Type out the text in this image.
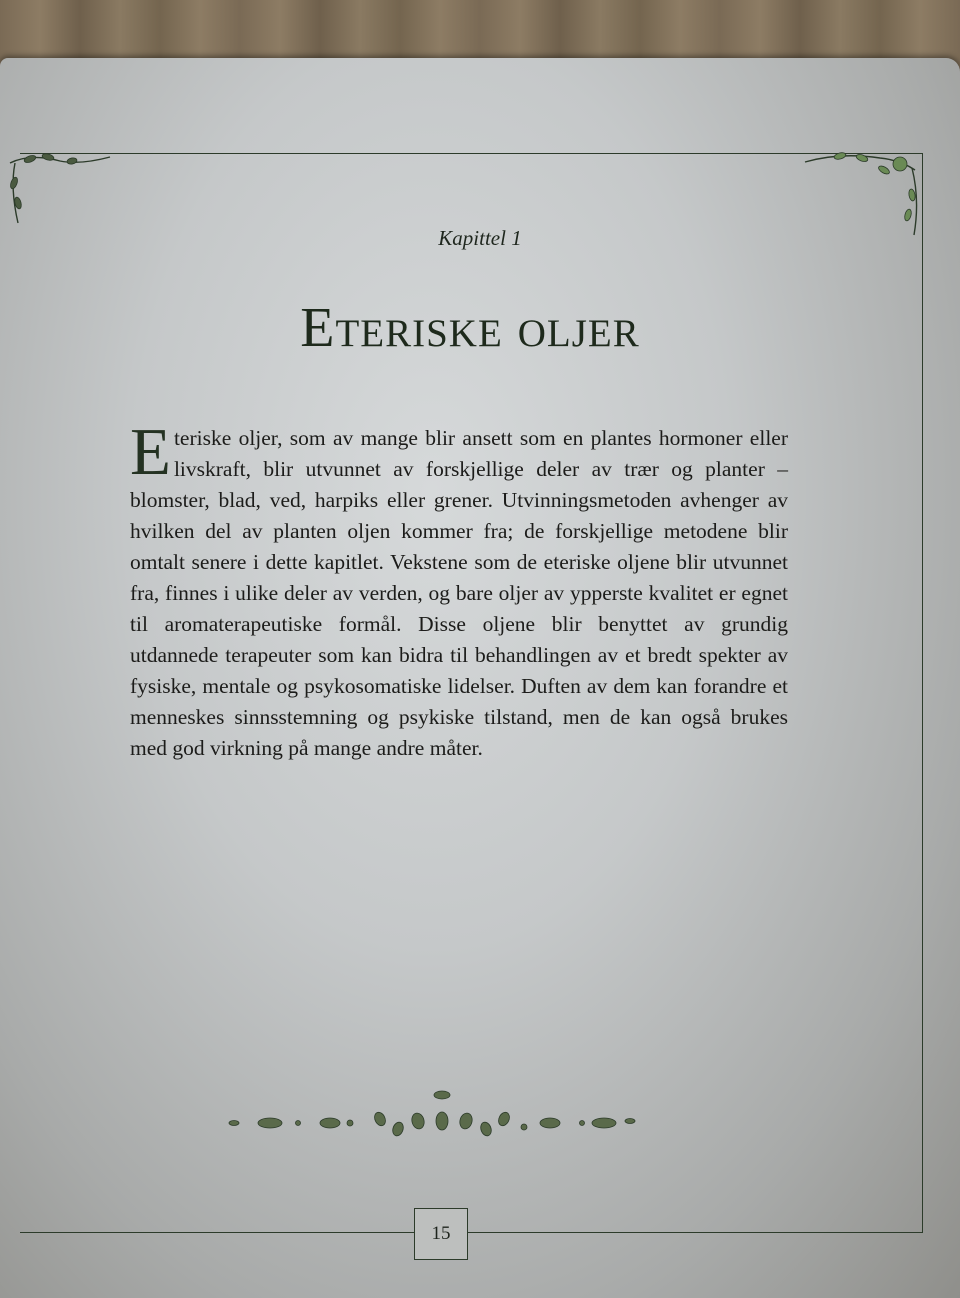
Kapittel 1
Eteriske oljer
Eteriske oljer, som av mange blir ansett som en plantes hormoner eller livskraft, blir utvunnet av forskjellige deler av trær og planter – blomster, blad, ved, harpiks eller grener. Utvinningsmetoden avhenger av hvilken del av planten oljen kommer fra; de forskjellige metodene blir omtalt senere i dette kapitlet. Vekstene som de eteriske oljene blir utvunnet fra, finnes i ulike deler av verden, og bare oljer av ypperste kvalitet er egnet til aromaterapeutiske formål. Disse oljene blir benyttet av grundig utdannede terapeuter som kan bidra til behandlingen av et bredt spekter av fysiske, mentale og psykosomatiske lidelser. Duften av dem kan forandre et menneskes sinnsstemning og psykiske tilstand, men de kan også brukes med god virkning på mange andre måter.
15
